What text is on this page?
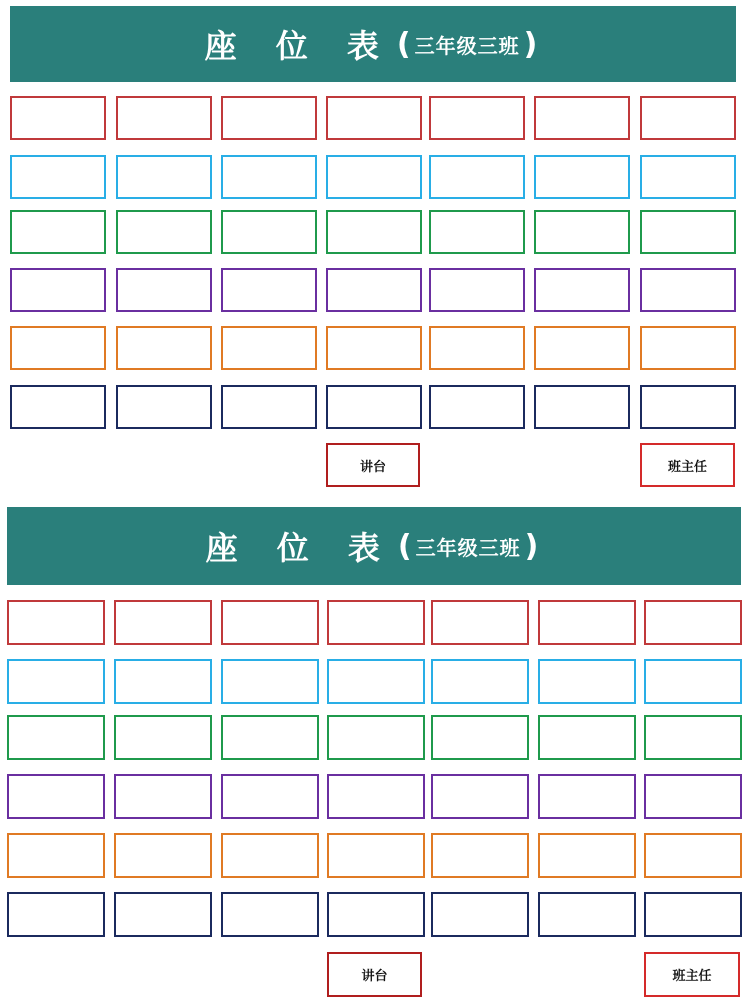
座 位 表 ( 三年级三班 )
讲台	班主任
座 位 表 ( 三年级三班 )
讲台	班主任
